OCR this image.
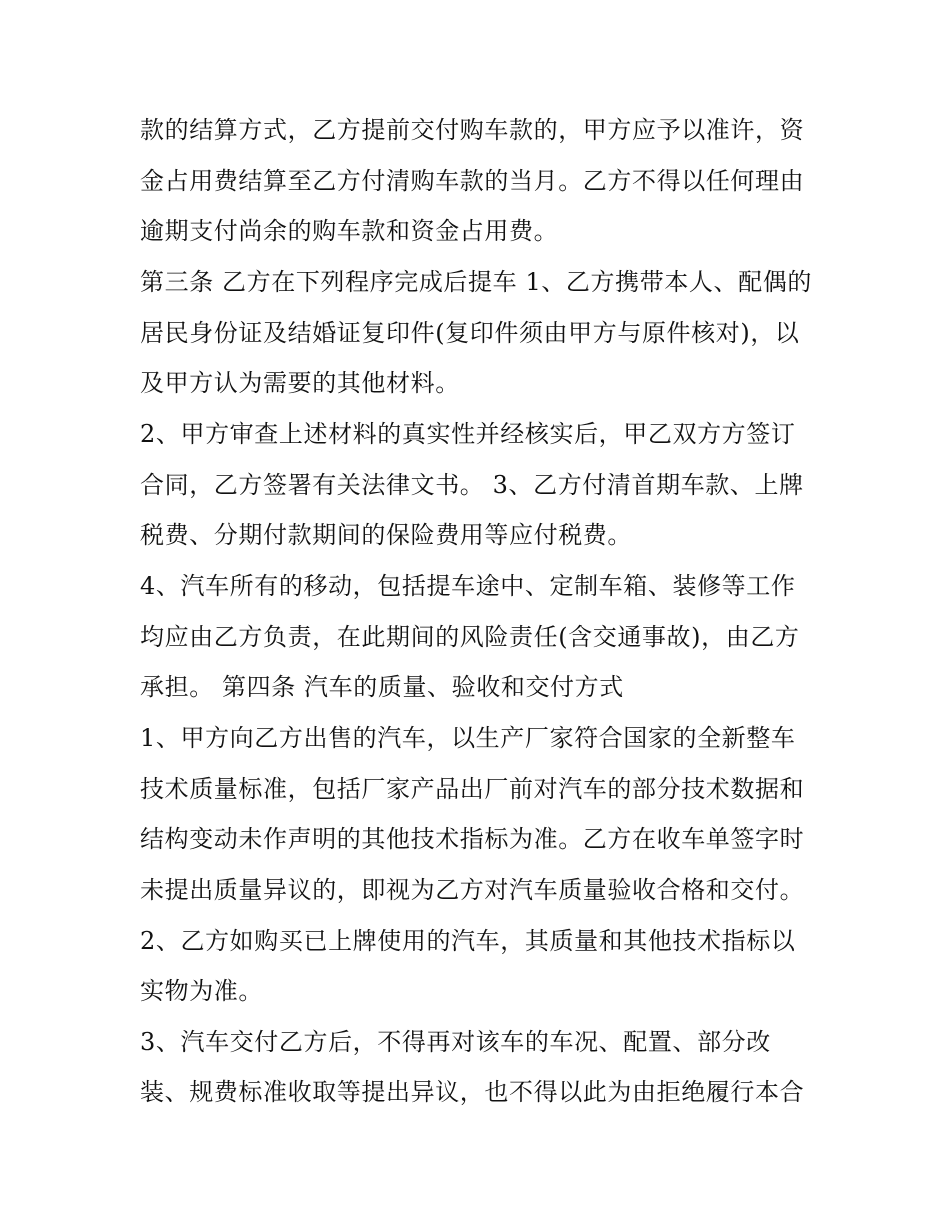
款的结算方式，乙方提前交付购车款的，甲方应予以准许，资
金占用费结算至乙方付清购车款的当月。乙方不得以任何理由
逾期支付尚余的购车款和资金占用费。
第三条 乙方在下列程序完成后提车 1、乙方携带本人、配偶的
居民身份证及结婚证复印件(复印件须由甲方与原件核对)，以
及甲方认为需要的其他材料。
2、甲方审查上述材料的真实性并经核实后，甲乙双方方签订
合同，乙方签署有关法律文书。 3、乙方付清首期车款、上牌
税费、分期付款期间的保险费用等应付税费。
4、汽车所有的移动，包括提车途中、定制车箱、装修等工作
均应由乙方负责，在此期间的风险责任(含交通事故)，由乙方
承担。 第四条 汽车的质量、验收和交付方式
1、甲方向乙方出售的汽车，以生产厂家符合国家的全新整车
技术质量标准，包括厂家产品出厂前对汽车的部分技术数据和
结构变动未作声明的其他技术指标为准。乙方在收车单签字时
未提出质量异议的，即视为乙方对汽车质量验收合格和交付。
2、乙方如购买已上牌使用的汽车，其质量和其他技术指标以
实物为准。
3、汽车交付乙方后，不得再对该车的车况、配置、部分改
装、规费标准收取等提出异议，也不得以此为由拒绝履行本合
